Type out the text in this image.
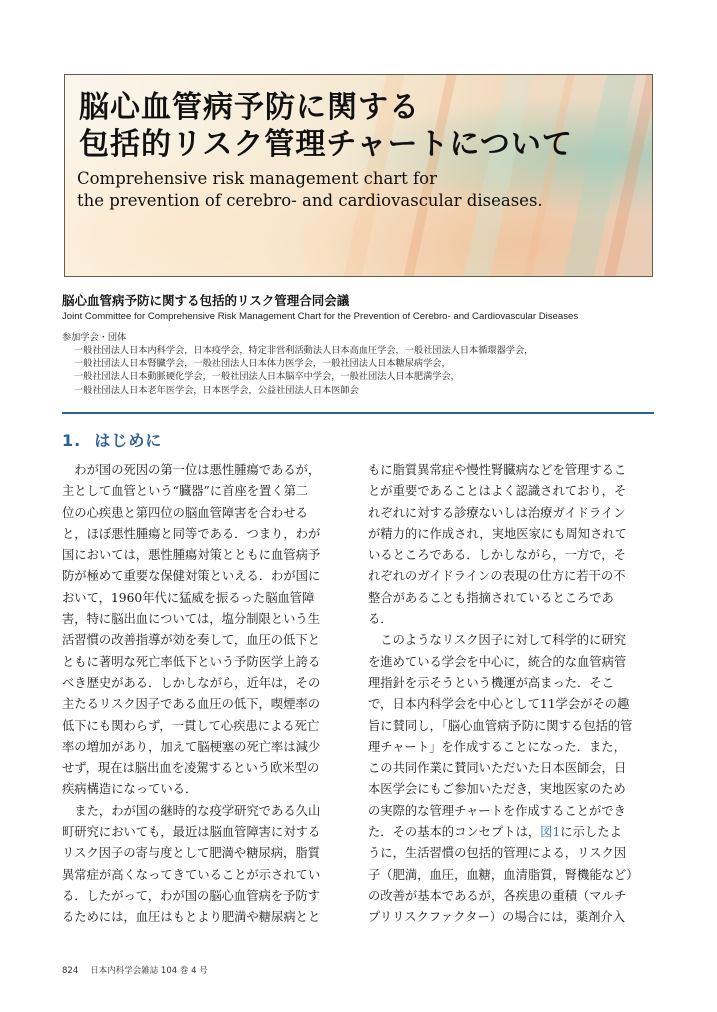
脳心血管病予防に関する
包括的リスク管理チャートについて

Comprehensive risk management chart for
the prevention of cerebro- and cardiovascular diseases.

脳心血管病予防に関する包括的リスク管理合同会議

Joint Committee for Comprehensive Risk Management Chart for the Prevention of Cerebro- and Cardiovascular Diseases

参加学会・団体

一般社団法人日本内科学会，日本疫学会，特定非営利活動法人日本高血圧学会，一般社団法人日本循環器学会，
一般社団法人日本腎臓学会，一般社団法人日本体力医学会，一般社団法人日本糖尿病学会，
一般社団法人日本動脈硬化学会，一般社団法人日本脳卒中学会，一般社団法人日本肥満学会，
一般社団法人日本老年医学会，日本医学会，公益社団法人日本医師会
1. はじめに
　わが国の死因の第一位は悪性腫瘍であるが，
主として血管という“臓器”に首座を置く第二
位の心疾患と第四位の脳血管障害を合わせる
と，ほぼ悪性腫瘍と同等である．つまり，わが
国においては，悪性腫瘍対策とともに血管病予
防が極めて重要な保健対策といえる．わが国に
おいて，1960年代に猛威を振るった脳血管障
害，特に脳出血については，塩分制限という生
活習慣の改善指導が効を奏して，血圧の低下と
ともに著明な死亡率低下という予防医学上誇る
べき歴史がある．しかしながら，近年は，その
主たるリスク因子である血圧の低下，喫煙率の
低下にも関わらず，一貫して心疾患による死亡
率の増加があり，加えて脳梗塞の死亡率は減少
せず，現在は脳出血を凌駕するという欧米型の
疾病構造になっている．
　また，わが国の継時的な疫学研究である久山
町研究においても，最近は脳血管障害に対する
リスク因子の寄与度として肥満や糖尿病，脂質
異常症が高くなってきていることが示されてい
る．したがって，わが国の脳心血管病を予防す
るためには，血圧はもとより肥満や糖尿病とと
もに脂質異常症や慢性腎臓病などを管理するこ
とが重要であることはよく認識されており，そ
れぞれに対する診療ないしは治療ガイドライン
が精力的に作成され，実地医家にも周知されて
いるところである．しかしながら，一方で，そ
れぞれのガイドラインの表現の仕方に若干の不
整合があることも指摘されているところであ
る．
　このようなリスク因子に対して科学的に研究
を進めている学会を中心に，統合的な血管病管
理指針を示そうという機運が高まった．そこ
で，日本内科学会を中心として11学会がその趣
旨に賛同し，「脳心血管病予防に関する包括的管
理チャート」を作成することになった．また，
この共同作業に賛同いただいた日本医師会，日
本医学会にもご参加いただき，実地医家のため
の実際的な管理チャートを作成することができ
た．その基本的コンセプトは，図1に示したよ
うに，生活習慣の包括的管理による，リスク因
子（肥満，血圧，血糖，血清脂質，腎機能など）
の改善が基本であるが，各疾患の重積（マルチ
プリリスクファクター）の場合には，薬剤介入

824 日本内科学会雑誌 104 巻 4 号
